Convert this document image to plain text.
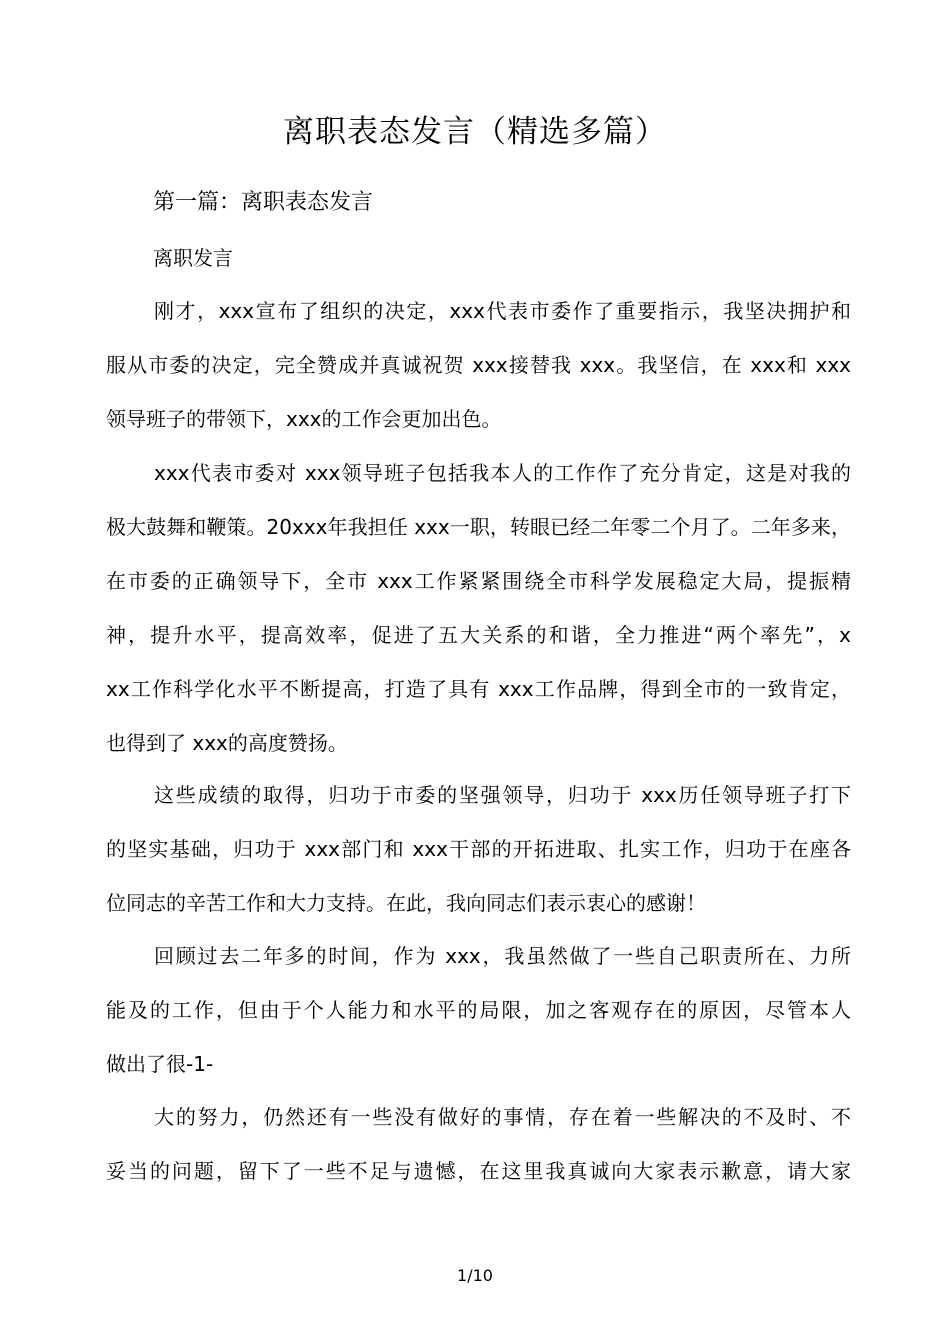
离职表态发言（精选多篇）
第一篇：离职表态发言
离职发言
刚才，xxx宣布了组织的决定，xxx代表市委作了重要指示，我坚决拥护和
服从市委的决定，完全赞成并真诚祝贺 xxx接替我 xxx。我坚信，在 xxx和 xxx
领导班子的带领下，xxx的工作会更加出色。
xxx代表市委对 xxx领导班子包括我本人的工作作了充分肯定，这是对我的
极大鼓舞和鞭策。20xxx年我担任 xxx一职，转眼已经二年零二个月了。二年多来，
在市委的正确领导下，全市 xxx工作紧紧围绕全市科学发展稳定大局，提振精
神，提升水平，提高效率，促进了五大关系的和谐，全力推进“两个率先”，x
xx工作科学化水平不断提高，打造了具有 xxx工作品牌，得到全市的一致肯定，
也得到了 xxx的高度赞扬。
这些成绩的取得，归功于市委的坚强领导，归功于 xxx历任领导班子打下
的坚实基础，归功于 xxx部门和 xxx干部的开拓进取、扎实工作，归功于在座各
位同志的辛苦工作和大力支持。在此，我向同志们表示衷心的感谢！
回顾过去二年多的时间，作为 xxx，我虽然做了一些自己职责所在、力所
能及的工作，但由于个人能力和水平的局限，加之客观存在的原因，尽管本人
做出了很-1-
大的努力，仍然还有一些没有做好的事情，存在着一些解决的不及时、不
妥当的问题，留下了一些不足与遗憾，在这里我真诚向大家表示歉意，请大家
1/10
